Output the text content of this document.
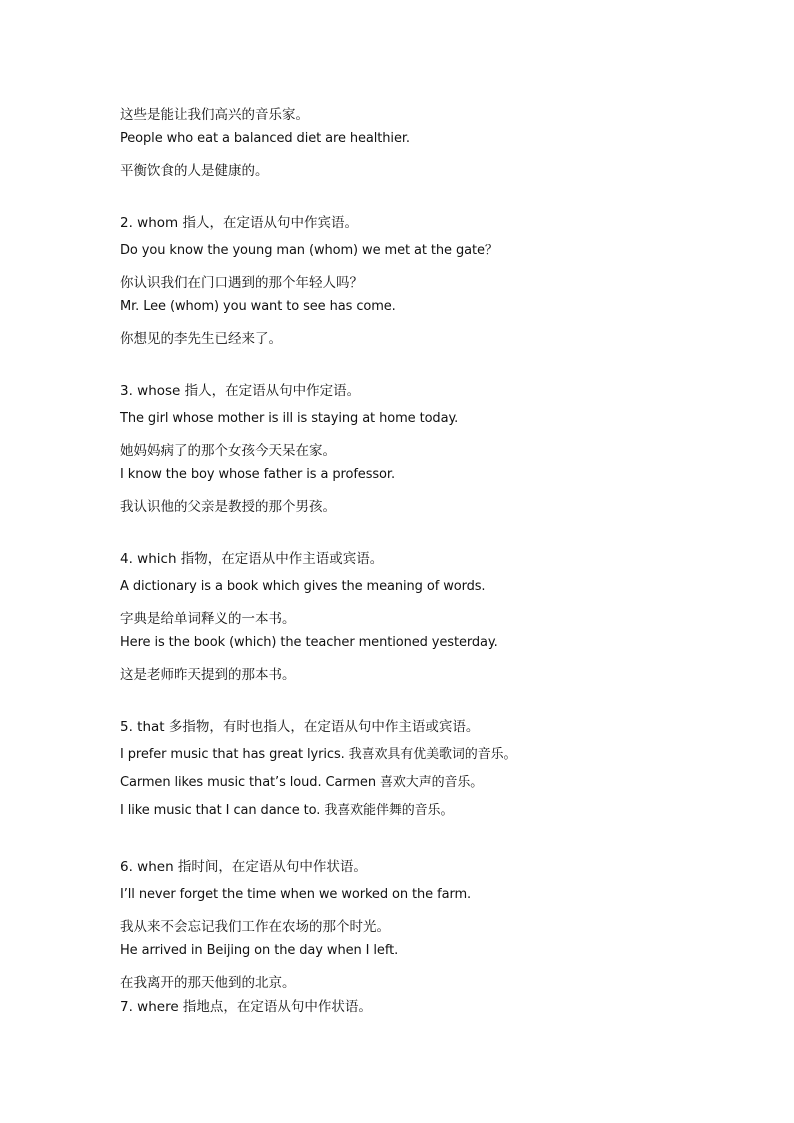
这些是能让我们高兴的音乐家。
People who eat a balanced diet are healthier.
平衡饮食的人是健康的。
2. whom 指人，在定语从句中作宾语。
Do you know the young man (whom) we met at the gate？
你认识我们在门口遇到的那个年轻人吗？
Mr. Lee (whom) you want to see has come.
你想见的李先生已经来了。
3. whose 指人，在定语从句中作定语。
The girl whose mother is ill is staying at home today.
她妈妈病了的那个女孩今天呆在家。
I know the boy whose father is a professor.
我认识他的父亲是教授的那个男孩。
4. which 指物，在定语从中作主语或宾语。
A dictionary is a book which gives the meaning of words.
字典是给单词释义的一本书。
Here is the book (which) the teacher mentioned yesterday.
这是老师昨天提到的那本书。
5. that 多指物，有时也指人，在定语从句中作主语或宾语。
I prefer music that has great lyrics. 我喜欢具有优美歌词的音乐。
Carmen likes music that’s loud. Carmen 喜欢大声的音乐。
I like music that I can dance to. 我喜欢能伴舞的音乐。
6. when 指时间，在定语从句中作状语。
I’ll never forget the time when we worked on the farm.
我从来不会忘记我们工作在农场的那个时光。
He arrived in Beijing on the day when I left.
在我离开的那天他到的北京。
7. where 指地点，在定语从句中作状语。
